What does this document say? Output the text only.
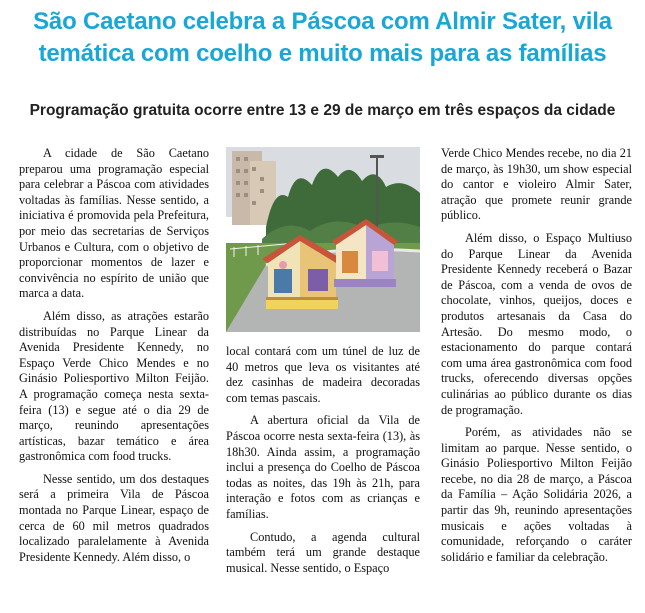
São Caetano celebra a Páscoa com Almir Sater, vila temática com coelho e muito mais para as famílias
Programação gratuita ocorre entre 13 e 29 de março em três espaços da cidade

A cidade de São Caetano preparou uma programação especial para celebrar a Páscoa com atividades voltadas às famílias. Nesse sentido, a iniciativa é promovida pela Prefeitura, por meio das secretarias de Serviços Urbanos e Cultura, com o objetivo de proporcionar momentos de lazer e convivência no espírito de união que marca a data.

Além disso, as atrações estarão distribuídas no Parque Linear da Avenida Presidente Kennedy, no Espaço Verde Chico Mendes e no Ginásio Poliesportivo Milton Feijão. A programação começa nesta sexta-feira (13) e segue até o dia 29 de março, reunindo apresentações artísticas, bazar temático e área gastronômica com food trucks.

Nesse sentido, um dos destaques será a primeira Vila de Páscoa montada no Parque Linear, espaço de cerca de 60 mil metros quadrados localizado paralelamente à Avenida Presidente Kennedy. Além disso, o

local contará com um túnel de luz de 40 metros que leva os visitantes até dez casinhas de madeira decoradas com temas pascais.

A abertura oficial da Vila de Páscoa ocorre nesta sexta-feira (13), às 18h30. Ainda assim, a programação inclui a presença do Coelho de Páscoa todas as noites, das 19h às 21h, para interação e fotos com as crianças e famílias.

Contudo, a agenda cultural também terá um grande destaque musical. Nesse sentido, o Espaço

Verde Chico Mendes recebe, no dia 21 de março, às 19h30, um show especial do cantor e violeiro Almir Sater, atração que promete reunir grande público.

Além disso, o Espaço Multiuso do Parque Linear da Avenida Presidente Kennedy receberá o Bazar de Páscoa, com a venda de ovos de chocolate, vinhos, queijos, doces e produtos artesanais da Casa do Artesão. Do mesmo modo, o estacionamento do parque contará com uma área gastronômica com food trucks, oferecendo diversas opções culinárias ao público durante os dias de programação.

Porém, as atividades não se limitam ao parque. Nesse sentido, o Ginásio Poliesportivo Milton Feijão recebe, no dia 28 de março, a Páscoa da Família – Ação Solidária 2026, a partir das 9h, reunindo apresentações musicais e ações voltadas à comunidade, reforçando o caráter solidário e familiar da celebração.
